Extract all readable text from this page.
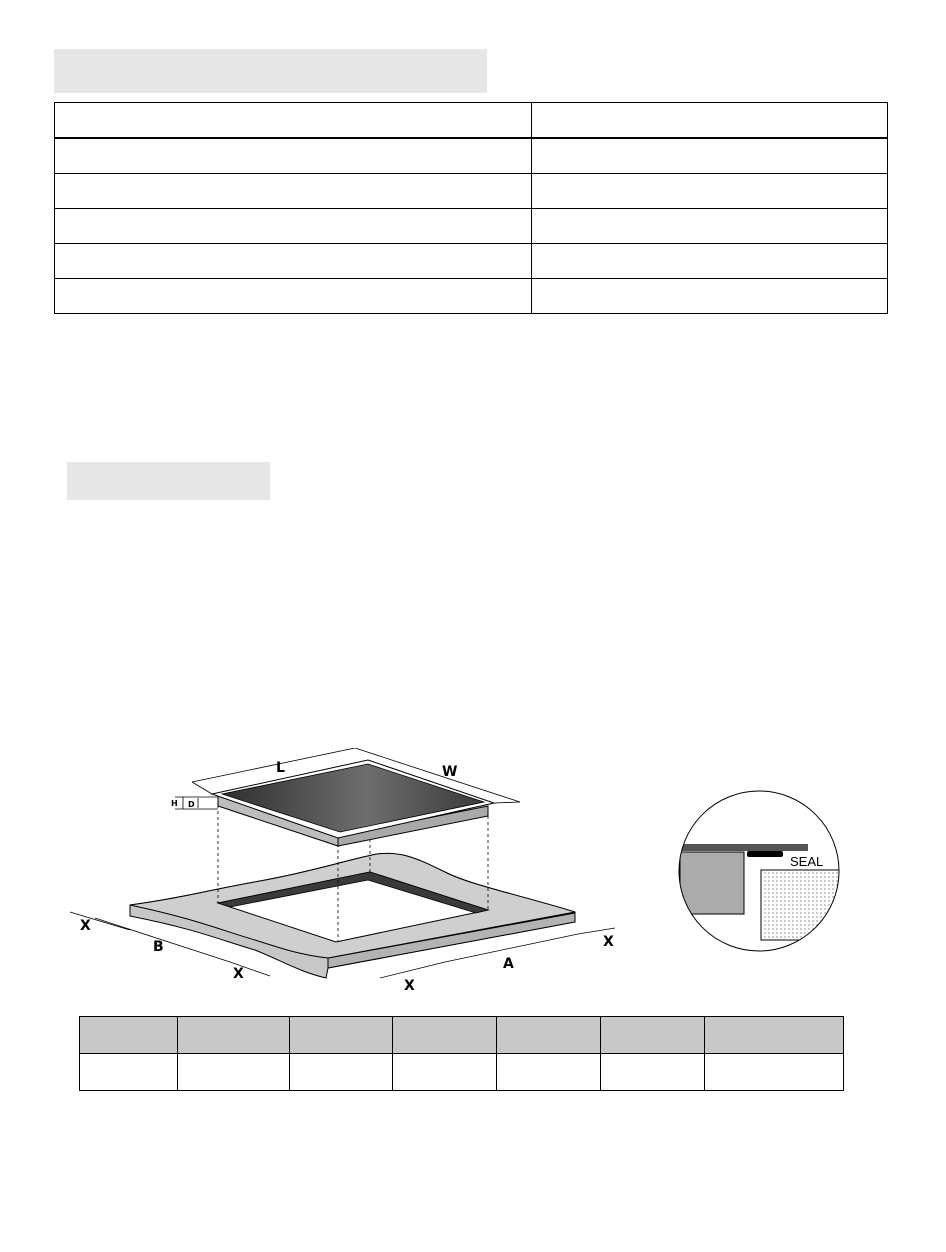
L	W
H D
X
B
X
X
A
X
SEAL
